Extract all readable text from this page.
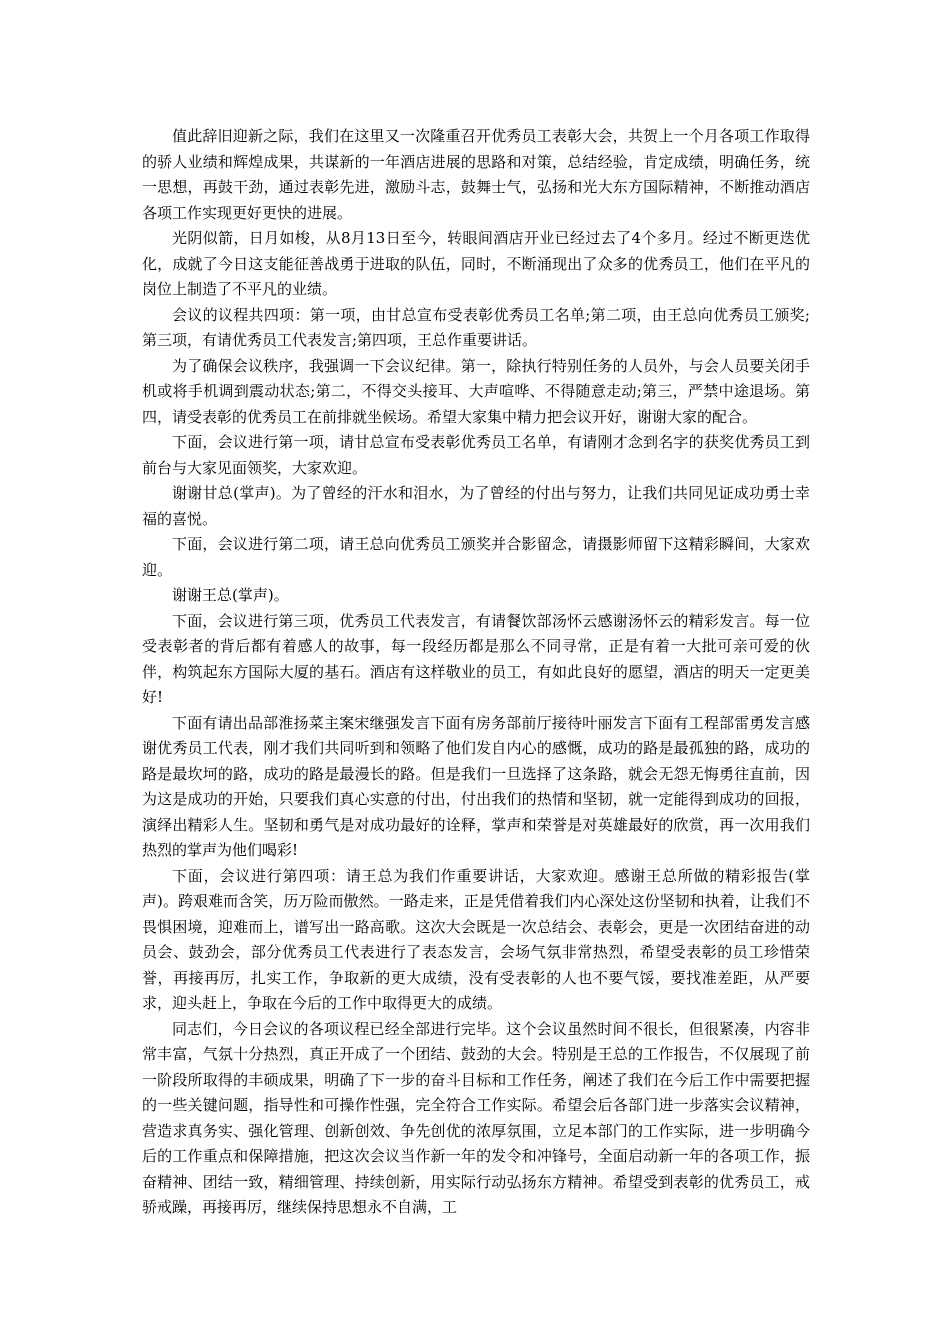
值此辞旧迎新之际，我们在这里又一次隆重召开优秀员工表彰大会，共贺上一个月各项工作取得的骄人业绩和辉煌成果，共谋新的一年酒店进展的思路和对策，总结经验，肯定成绩，明确任务，统一思想，再鼓干劲，通过表彰先进，激励斗志，鼓舞士气，弘扬和光大东方国际精神，不断推动酒店各项工作实现更好更快的进展。

光阴似箭，日月如梭，从8月13日至今，转眼间酒店开业已经过去了4个多月。经过不断更迭优化，成就了今日这支能征善战勇于进取的队伍，同时，不断涌现出了众多的优秀员工，他们在平凡的岗位上制造了不平凡的业绩。

会议的议程共四项：第一项，由甘总宣布受表彰优秀员工名单;第二项，由王总向优秀员工颁奖;第三项，有请优秀员工代表发言;第四项，王总作重要讲话。

为了确保会议秩序，我强调一下会议纪律。第一，除执行特别任务的人员外，与会人员要关闭手机或将手机调到震动状态;第二，不得交头接耳、大声喧哗、不得随意走动;第三，严禁中途退场。第四，请受表彰的优秀员工在前排就坐候场。希望大家集中精力把会议开好，谢谢大家的配合。

下面，会议进行第一项，请甘总宣布受表彰优秀员工名单，有请刚才念到名字的获奖优秀员工到前台与大家见面领奖，大家欢迎。

谢谢甘总(掌声)。为了曾经的汗水和泪水，为了曾经的付出与努力，让我们共同见证成功勇士幸福的喜悦。

下面，会议进行第二项，请王总向优秀员工颁奖并合影留念，请摄影师留下这精彩瞬间，大家欢迎。

谢谢王总(掌声)。

下面，会议进行第三项，优秀员工代表发言，有请餐饮部汤怀云感谢汤怀云的精彩发言。每一位受表彰者的背后都有着感人的故事，每一段经历都是那么不同寻常，正是有着一大批可亲可爱的伙伴，构筑起东方国际大厦的基石。酒店有这样敬业的员工，有如此良好的愿望，酒店的明天一定更美好!

下面有请出品部淮扬菜主案宋继强发言下面有房务部前厅接待叶丽发言下面有工程部雷勇发言感谢优秀员工代表，刚才我们共同听到和领略了他们发自内心的感慨，成功的路是最孤独的路，成功的路是最坎坷的路，成功的路是最漫长的路。但是我们一旦选择了这条路，就会无怨无悔勇往直前，因为这是成功的开始，只要我们真心实意的付出，付出我们的热情和坚韧，就一定能得到成功的回报，演绎出精彩人生。坚韧和勇气是对成功最好的诠释，掌声和荣誉是对英雄最好的欣赏，再一次用我们热烈的掌声为他们喝彩!

下面，会议进行第四项：请王总为我们作重要讲话，大家欢迎。感谢王总所做的精彩报告(掌声)。跨艰难而含笑，历万险而傲然。一路走来，正是凭借着我们内心深处这份坚韧和执着，让我们不畏惧困境，迎难而上，谱写出一路高歌。这次大会既是一次总结会、表彰会，更是一次团结奋进的动员会、鼓劲会，部分优秀员工代表进行了表态发言，会场气氛非常热烈，希望受表彰的员工珍惜荣誉，再接再厉，扎实工作，争取新的更大成绩，没有受表彰的人也不要气馁，要找准差距，从严要求，迎头赶上，争取在今后的工作中取得更大的成绩。

同志们，今日会议的各项议程已经全部进行完毕。这个会议虽然时间不很长，但很紧凑，内容非常丰富，气氛十分热烈，真正开成了一个团结、鼓劲的大会。特别是王总的工作报告，不仅展现了前一阶段所取得的丰硕成果，明确了下一步的奋斗目标和工作任务，阐述了我们在今后工作中需要把握的一些关键问题，指导性和可操作性强，完全符合工作实际。希望会后各部门进一步落实会议精神，营造求真务实、强化管理、创新创效、争先创优的浓厚氛围，立足本部门的工作实际，进一步明确今后的工作重点和保障措施，把这次会议当作新一年的发令和冲锋号，全面启动新一年的各项工作，振奋精神、团结一致，精细管理、持续创新，用实际行动弘扬东方精神。希望受到表彰的优秀员工，戒骄戒躁，再接再厉，继续保持思想永不自满，工
